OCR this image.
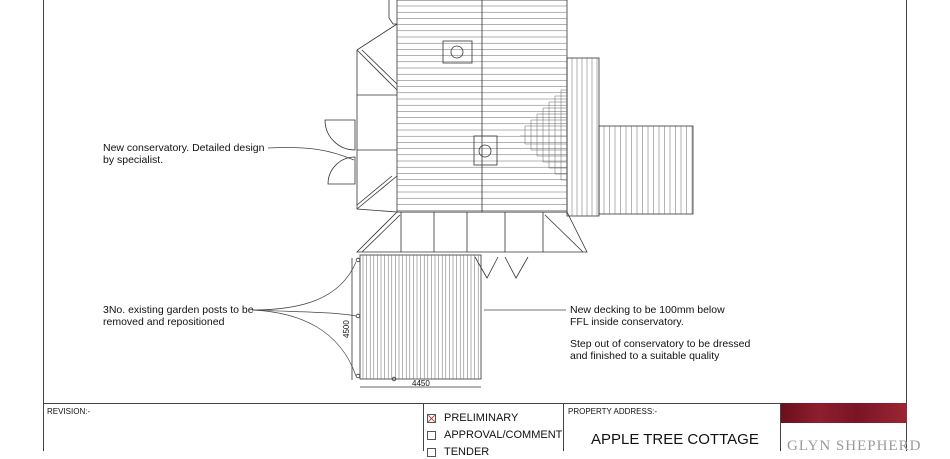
New conservatory. Detailed design
by specialist.
3No. existing garden posts to be
removed and repositioned
New decking to be 100mm below
FFL inside conservatory.
Step out of conservatory to be dressed
and finished to a suitable quality
4450
4500
REVISION:-
PRELIMINARY
APPROVAL/COMMENT
TENDER
PROPERTY ADDRESS:-
APPLE TREE COTTAGE GLYN SHEPHERD
